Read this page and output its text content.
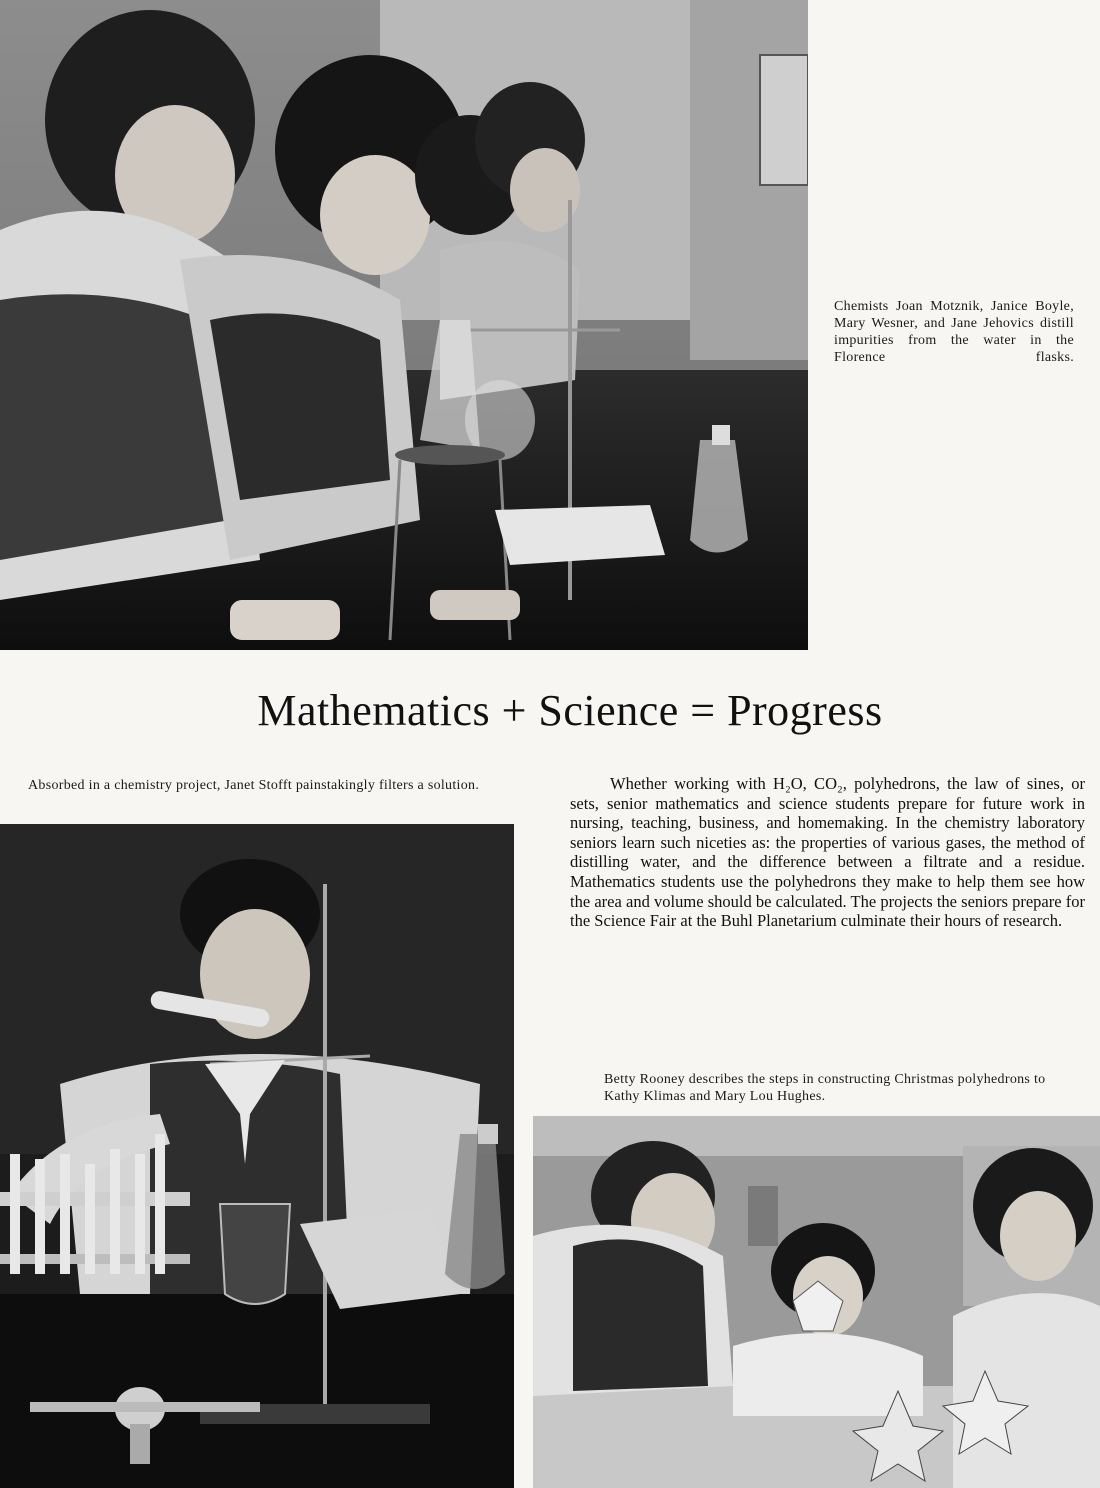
Chemists Joan Motznik, Janice Boyle, Mary Wesner, and Jane Jehovics distill impurities from the water in the Florence flasks.

Mathematics + Science = Progress

Absorbed in a chemistry project, Janet Stofft painstakingly filters a solution.	Whether working with H₂O, CO₂, polyhedrons, the law of sines, or sets, senior mathematics and science students prepare for future work in nursing, teaching, business, and homemaking. In the chemistry laboratory seniors learn such niceties as: the properties of various gases, the method of distilling water, and the difference between a filtrate and a residue. Mathematics students use the polyhedrons they make to help them see how the area and volume should be calculated. The projects the seniors prepare for the Science Fair at the Buhl Planetarium culminate their hours of research.

Betty Rooney describes the steps in constructing Christmas polyhedrons to Kathy Klimas and Mary Lou Hughes.
